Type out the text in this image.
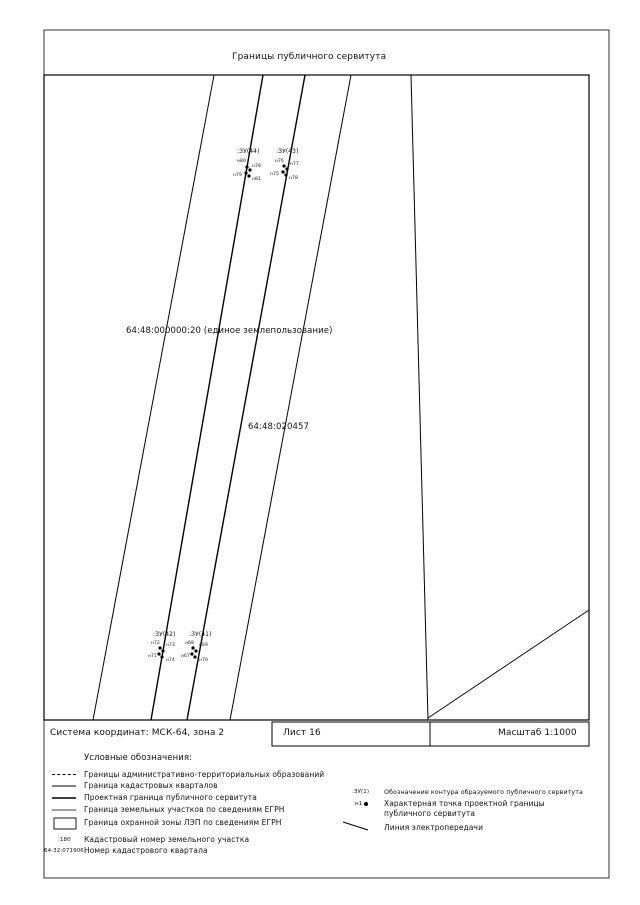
Границы публичного сервитута
64:48:000000:20 (единое землепользование)
64:48:020457
:ЗУ(44)
н80
н78
н79
н81
:ЗУ(43)
н76
н77
н75
н78
:ЗУ(42)
н72 н73
н71
н74
:ЗУ(41)
н68 н69
н67
н70
Система координат: МСК-64, зона 2	Лист 16	Масштаб 1:1000
Условные обозначения:
Границы административно-территориальных образований
Граница кадастровых кварталов
Проектная граница публичного сервитута
Граница земельных участков по сведениям ЕГРН
Граница охранной зоны ЛЭП по сведениям ЕГРН
:180 Кадастровый номер земельного участка
64:32:071906 Номер кадастрового квартала
:ЗУ(1) Обозначение контура образуемого публичного сервитута
н1	Характерная точка проектной границы
публичного сервитута
Линия электропередачи
